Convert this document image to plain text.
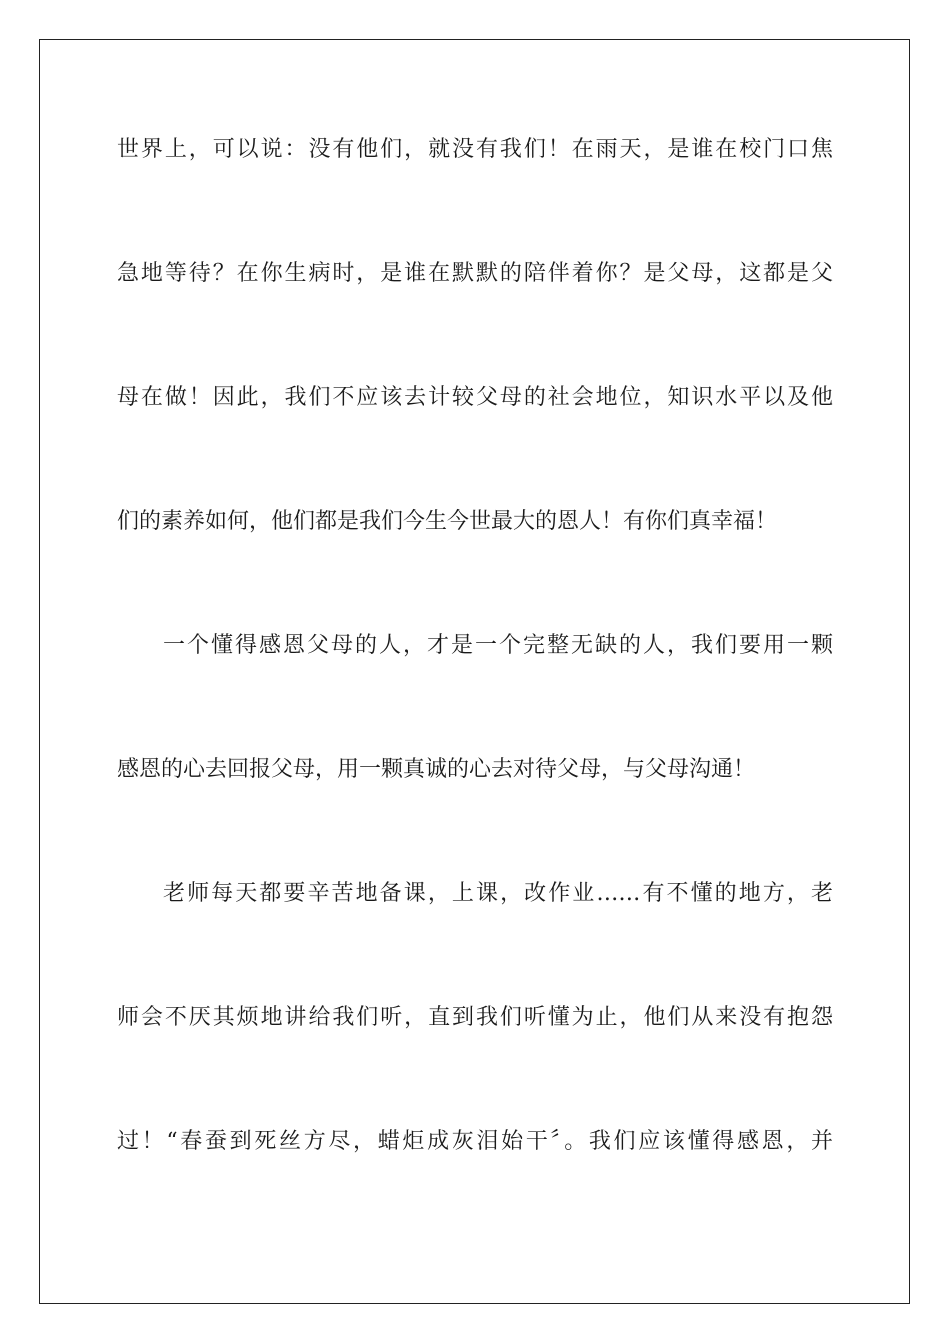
世界上，可以说：没有他们，就没有我们！在雨天，是谁在校门口焦
急地等待？在你生病时，是谁在默默的陪伴着你？是父母，这都是父
母在做！因此，我们不应该去计较父母的社会地位，知识水平以及他
们的素养如何，他们都是我们今生今世最大的恩人！有你们真幸福！
一个懂得感恩父母的人，才是一个完整无缺的人，我们要用一颗
感恩的心去回报父母，用一颗真诚的心去对待父母，与父母沟通！
老师每天都要辛苦地备课，上课，改作业……有不懂的地方，老
师会不厌其烦地讲给我们听，直到我们听懂为止，他们从来没有抱怨
过！“春蚕到死丝方尽，蜡炬成灰泪始干〞。我们应该懂得感恩，并
